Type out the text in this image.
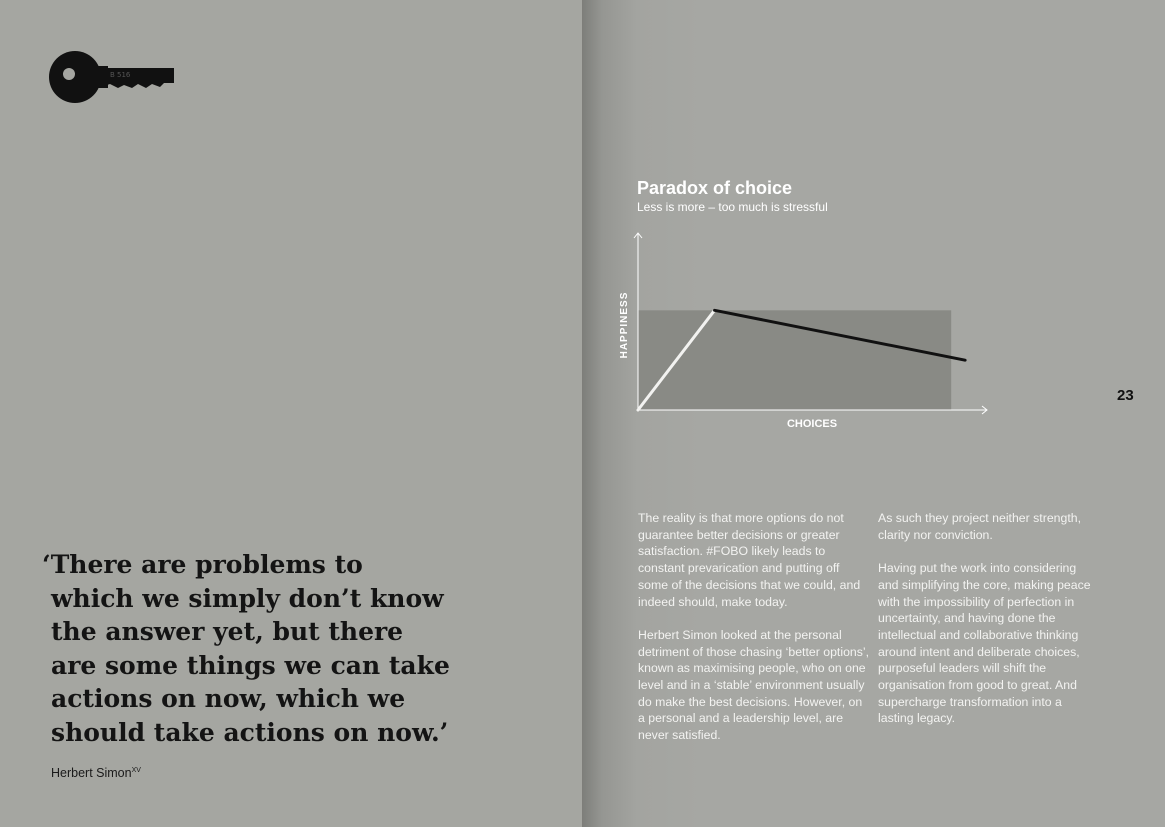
B 516
‘There are problems to
which we simply don’t know
the answer yet, but there
are some things we can take
actions on now, which we
should take actions on now.’
Herbert Simon$^{XV}$
23
Paradox of choice
Less is more – too much is stressful
CHOICES
HAPPINESS

The reality is that more options do not guarantee better decisions or greater satisfaction. #FOBO likely leads to constant prevarication and putting off some of the decisions that we could, and indeed should, make today.

Herbert Simon looked at the personal detriment of those chasing ‘better options’, known as maximising people, who on one level and in a ‘stable’ environment usually do make the best decisions. However, on a personal and a leadership level, are never satisfied.

As such they project neither strength, clarity nor conviction.

Having put the work into considering and simplifying the core, making peace with the impossibility of perfection in uncertainty, and having done the intellectual and collaborative thinking around intent and deliberate choices, purposeful leaders will shift the organisation from good to great. And supercharge transformation into a lasting legacy.
